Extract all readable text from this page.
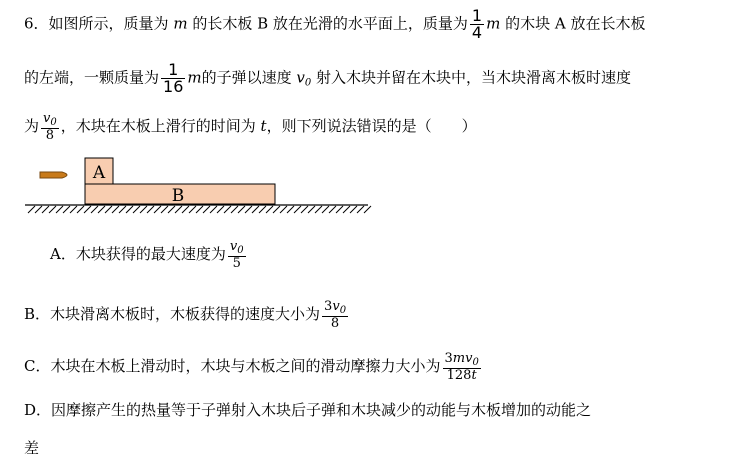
6．如图所示，质量为 m 的长木板 B 放在光滑的水平面上，质量为 $\frac{1}{4}$ m 的木块 A 放在长木板
的左端，一颗质量为 $\frac{1}{16}$ m的子弹以速度 $v_0$ 射入木块并留在木块中，当木块滑离木板时速度
为 $\frac{v_0}{8}$ ，木块在木板上滑行的时间为 t，则下列说法错误的是（　　）
A
B
A．木块获得的最大速度为 $\frac{v_0}{5}$
B．木块滑离木板时，木板获得的速度大小为 $\frac{3v_0}{8}$
C．木块在木板上滑动时，木块与木板之间的滑动摩擦力大小为 $\frac{3mv_0}{128t}$
D．因摩擦产生的热量等于子弹射入木块后子弹和木块减少的动能与木板增加的动能之
差
